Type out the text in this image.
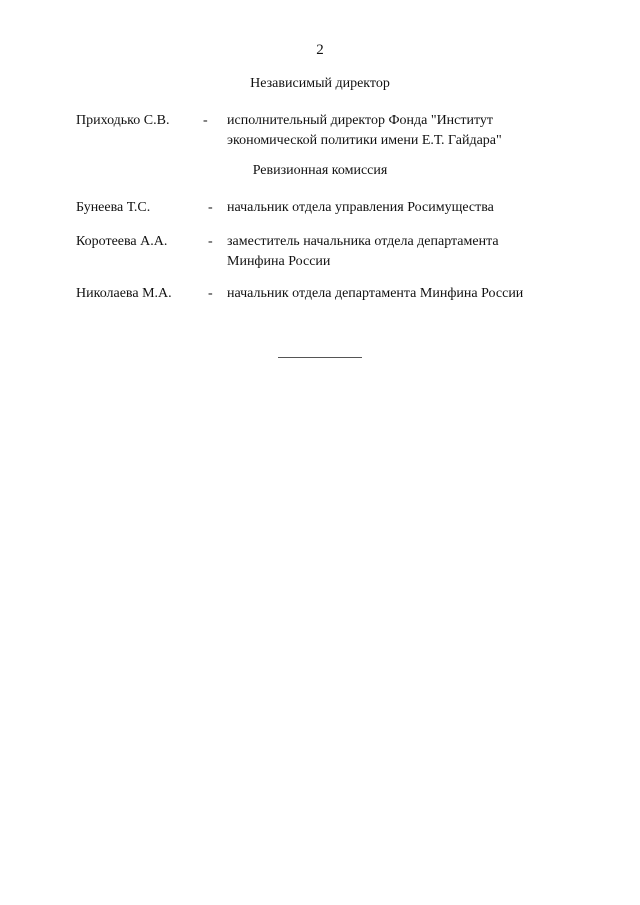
2
Независимый директор
Приходько С.В. - исполнительный директор Фонда "Институт
экономической политики имени Е.Т. Гайдара"
Ревизионная комиссия
Бунеева Т.С.	- начальник отдела управления Росимущества
Коротеева А.А.	- заместитель начальника отдела департамента
Минфина России
Николаева М.А.	- начальник отдела департамента Минфина России
